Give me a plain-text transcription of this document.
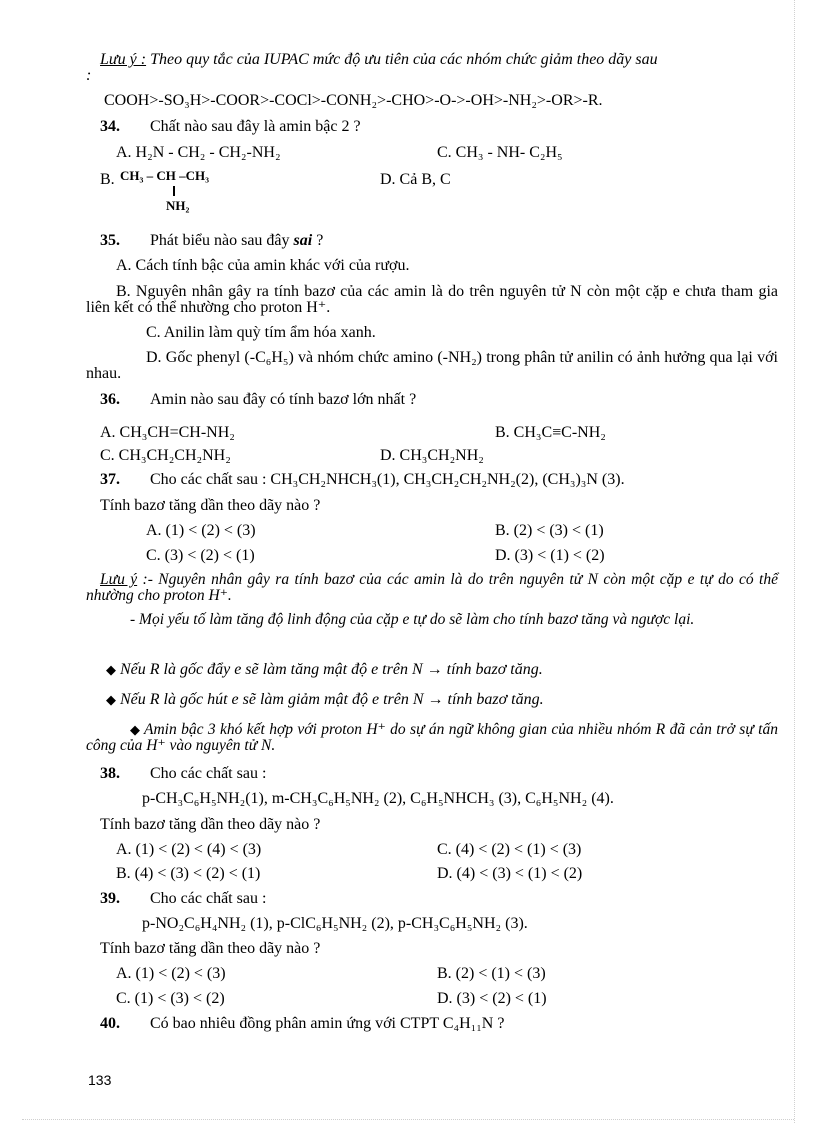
Lưu ý : Theo quy tắc của IUPAC mức độ ưu tiên của các nhóm chức giảm theo dãy sau
:
COOH>-SO₃H>-COOR>-COCl>-CONH₂>-CHO>-O->-OH>-NH₂>-OR>-R.
34. Chất nào sau đây là amin bậc 2 ?
A. H₂N - CH₂ - CH₂-NH₂	C. CH₃ - NH- C₂H₅
B. CH₃ – CH –CH₃
NH₂
D. Cả B, C
35. Phát biểu nào sau đây sai ?
A. Cách tính bậc của amin khác với của rượu.
B. Nguyên nhân gây ra tính bazơ của các amin là do trên nguyên tử N còn một cặp e chưa tham gia liên kết có thể nhường cho proton H⁺.
C. Anilin làm quỳ tím ẩm hóa xanh.
D. Gốc phenyl (-C₆H₅) và nhóm chức amino (-NH₂) trong phân tử anilin có ảnh hưởng qua lại với nhau.
36. Amin nào sau đây có tính bazơ lớn nhất ?
A. CH₃CH=CH-NH₂	B. CH₃C≡C-NH₂
C. CH₃CH₂CH₂NH₂	D. CH₃CH₂NH₂
37. Cho các chất sau : CH₃CH₂NHCH₃(1), CH₃CH₂CH₂NH₂(2), (CH₃)₃N (3).
Tính bazơ tăng dần theo dãy nào ?
A. (1) < (2) < (3)	B. (2) < (3) < (1)
C. (3) < (2) < (1)	D. (3) < (1) < (2)
Lưu ý :- Nguyên nhân gây ra tính bazơ của các amin là do trên nguyên tử N còn một cặp e tự do có thể nhường cho proton H⁺.
- Mọi yếu tố làm tăng độ linh động của cặp e tự do sẽ làm cho tính bazơ tăng và ngược lại.
◆ Nếu R là gốc đẩy e sẽ làm tăng mật độ e trên N → tính bazơ tăng.
◆ Nếu R là gốc hút e sẽ làm giảm mật độ e trên N → tính bazơ tăng.
◆ Amin bậc 3 khó kết hợp với proton H⁺ do sự án ngữ không gian của nhiều nhóm R đã cản trở sự tấn công của H⁺ vào nguyên tử N.
38. Cho các chất sau :
p-CH₃C₆H₅NH₂(1), m-CH₃C₆H₅NH₂ (2), C₆H₅NHCH₃ (3), C₆H₅NH₂ (4).
Tính bazơ tăng dần theo dãy nào ?
A. (1) < (2) < (4) < (3)	C. (4) < (2) < (1) < (3)
B. (4) < (3) < (2) < (1)	D. (4) < (3) < (1) < (2)
39. Cho các chất sau :
p-NO₂C₆H₄NH₂ (1), p-ClC₆H₅NH₂ (2), p-CH₃C₆H₅NH₂ (3).
Tính bazơ tăng dần theo dãy nào ?
A. (1) < (2) < (3)	B. (2) < (1) < (3)
C. (1) < (3) < (2)	D. (3) < (2) < (1)
40. Có bao nhiêu đồng phân amin ứng với CTPT C₄H₁₁N ?
133
